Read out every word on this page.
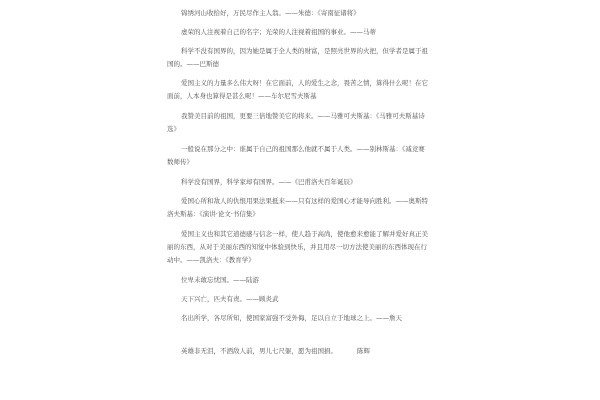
锦绣河山收拾好，万民尽作主人翁。——朱德：《寄南征诸将》

虚荣的人注视着自己的名字；光荣的人注视着祖国的事业。——马蒂

科学不没有国界的，因为她是属于全人类的财富，是照亮世界的火把，但学者是属于祖国的。——巴斯德

爱国主义的力量多么伟大呀！在它面前，人的爱生之念，畏苦之情，算得什么呢！在它面前，人本身也算得是甚么呢！——车尔尼雪夫斯基

我赞美目前的祖国，更要三倍地赞美它的将来。——马雅可夫斯基：《马雅可夫斯基诗选》

一般说在那分之中：谁属于自己的祖国那么他就不属于人类。——别林斯基：《减竞赛数师传》

科学没有国界，科学家却有国界。——《巴甫洛夫百年诞辰》

爱国心所和敌人的仇恨用果法果抵来——只有这样的爱国心才能导向胜利。——奥斯特洛夫斯基：《演讲·论文·书信集》

爱国主义也和其它道德感与信念一样，使人趋于高尚，使他愈来愈能了解并爱好真正美丽的东西，从对于美丽东西的知觉中体验到快乐，并且用尽一切方法使美丽的东西体现在行动中。——凯洛夫：《教育学》

位卑未敢忘忧国。——陆游

天下兴亡，匹夫有责。——顾炎武

名出所学，各尽所知，使国家富强不受外侮，足以自立于地球之上。——詹天

英雄非无泪，不洒敌人前，男儿七尺躯，愿为祖国捐。	陈辉
